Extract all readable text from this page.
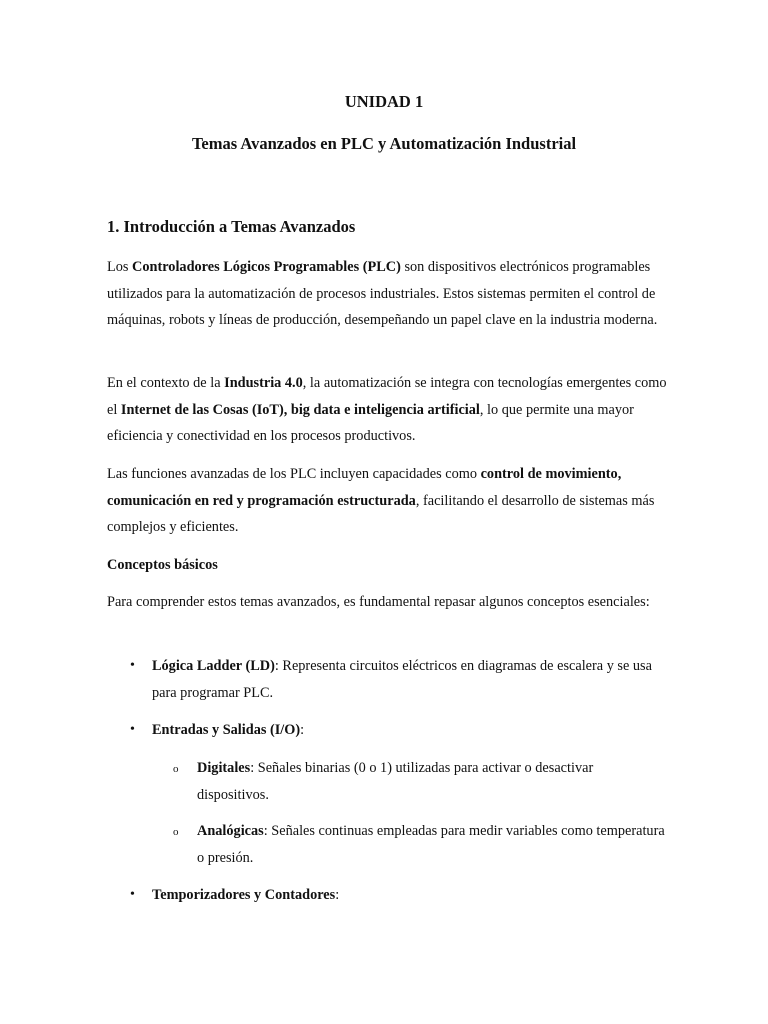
UNIDAD 1
Temas Avanzados en PLC y Automatización Industrial
1. Introducción a Temas Avanzados

Los Controladores Lógicos Programables (PLC) son dispositivos electrónicos programables utilizados para la automatización de procesos industriales. Estos sistemas permiten el control de máquinas, robots y líneas de producción, desempeñando un papel clave en la industria moderna.

En el contexto de la Industria 4.0, la automatización se integra con tecnologías emergentes como el Internet de las Cosas (IoT), big data e inteligencia artificial, lo que permite una mayor eficiencia y conectividad en los procesos productivos.

Las funciones avanzadas de los PLC incluyen capacidades como control de movimiento, comunicación en red y programación estructurada, facilitando el desarrollo de sistemas más complejos y eficientes.

Conceptos básicos

Para comprender estos temas avanzados, es fundamental repasar algunos conceptos esenciales:

• Lógica Ladder (LD): Representa circuitos eléctricos en diagramas de escalera y se usa para programar PLC.
• Entradas y Salidas (I/O):
o Digitales: Señales binarias (0 o 1) utilizadas para activar o desactivar dispositivos.
o Analógicas: Señales continuas empleadas para medir variables como temperatura o presión.
• Temporizadores y Contadores:
